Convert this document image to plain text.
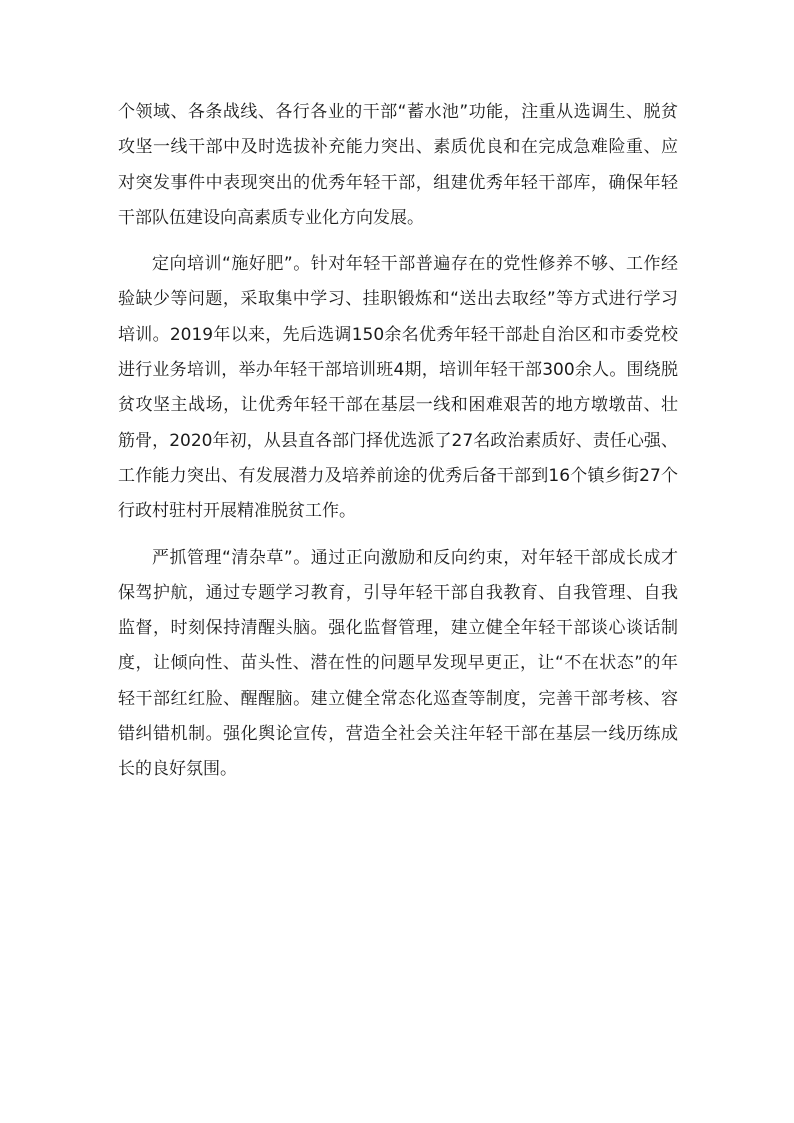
个领域、各条战线、各行各业的干部“蓄水池”功能，注重从选调生、脱贫攻坚一线干部中及时选拔补充能力突出、素质优良和在完成急难险重、应对突发事件中表现突出的优秀年轻干部，组建优秀年轻干部库，确保年轻干部队伍建设向高素质专业化方向发展。

定向培训“施好肥”。针对年轻干部普遍存在的党性修养不够、工作经验缺少等问题，采取集中学习、挂职锻炼和“送出去取经”等方式进行学习培训。2019年以来，先后选调150余名优秀年轻干部赴自治区和市委党校进行业务培训，举办年轻干部培训班4期，培训年轻干部300余人。围绕脱贫攻坚主战场，让优秀年轻干部在基层一线和困难艰苦的地方墩墩苗、壮筋骨，2020年初，从县直各部门择优选派了27名政治素质好、责任心强、工作能力突出、有发展潜力及培养前途的优秀后备干部到16个镇乡街27个行政村驻村开展精准脱贫工作。

严抓管理“清杂草”。通过正向激励和反向约束，对年轻干部成长成才保驾护航，通过专题学习教育，引导年轻干部自我教育、自我管理、自我监督，时刻保持清醒头脑。强化监督管理，建立健全年轻干部谈心谈话制度，让倾向性、苗头性、潜在性的问题早发现早更正，让“不在状态”的年轻干部红红脸、醒醒脑。建立健全常态化巡查等制度，完善干部考核、容错纠错机制。强化舆论宣传，营造全社会关注年轻干部在基层一线历练成长的良好氛围。
